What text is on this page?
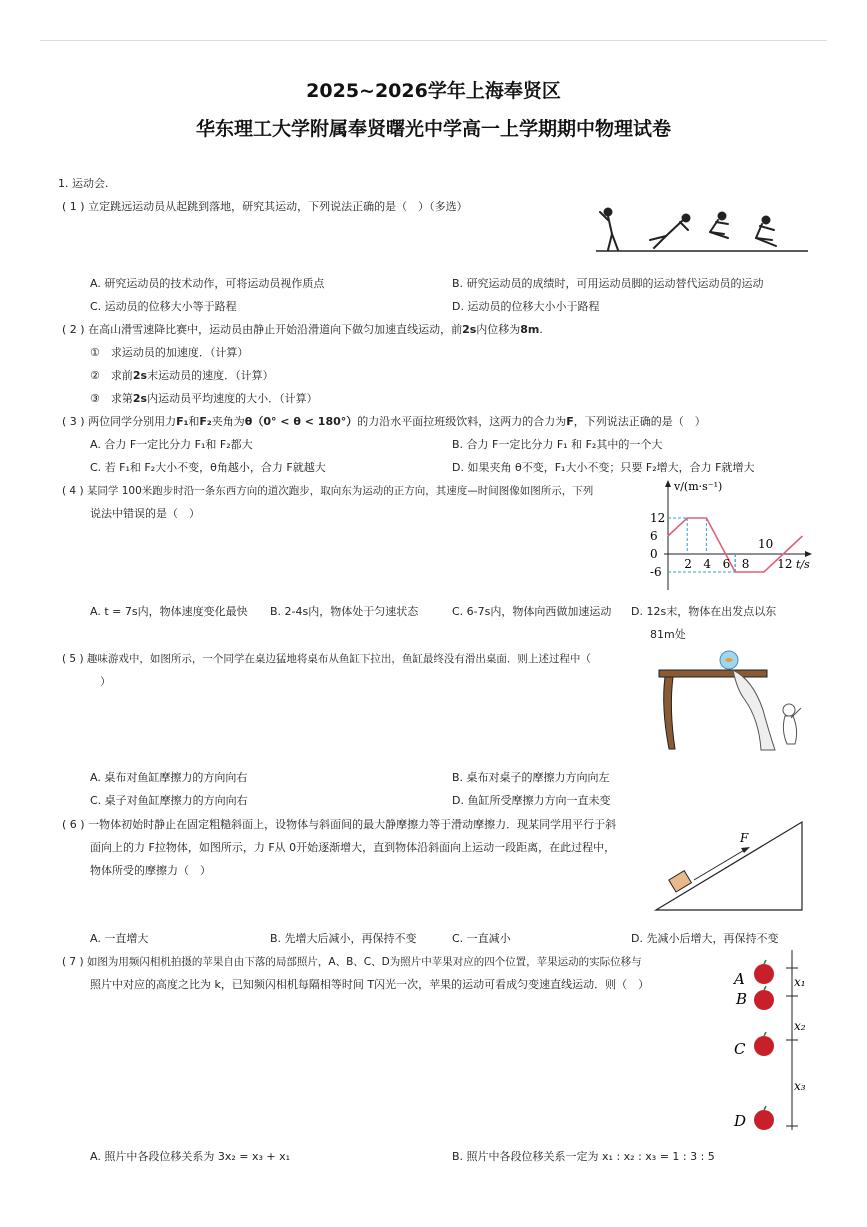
2025~2026学年上海奉贤区
华东理工大学附属奉贤曙光中学高一上学期期中物理试卷
1. 运动会.
( 1 ) 立定跳远运动员从起跳到落地，研究其运动，下列说法正确的是（　）（多选）
A. 研究运动员的技术动作，可将运动员视作质点	B. 研究运动员的成绩时，可用运动员脚的运动替代运动员的运动
C. 运动员的位移大小等于路程	D. 运动员的位移大小小于路程
( 2 ) 在高山滑雪速降比赛中，运动员由静止开始沿滑道向下做匀加速直线运动，前2s内位移为8m.
①　求运动员的加速度．（计算）
②　求前2s末运动员的速度．（计算）
③　求第2s内运动员平均速度的大小．（计算）
( 3 ) 两位同学分别用力F₁和F₂夹角为θ（0° < θ < 180°）的力沿水平面拉班级饮料，这两力的合力为F，下列说法正确的是（　）
A. 合力 F一定比分力 F₁和 F₂都大	B. 合力 F一定比分力 F₁ 和 F₂其中的一个大
C. 若 F₁和 F₂大小不变，θ角越小，合力 F就越大	D. 如果夹角 θ不变，F₁大小不变；只要 F₂增大，合力 F就增大
( 4 ) 某同学 100米跑步时沿一条东西方向的道次跑步，取向东为运动的正方向，其速度—时间图像如图所示，下列
说法中错误的是（　）
v/(m·s⁻¹)
t/s
2 4 6 8
10
12
12
6
0
-6
A. t = 7s内，物体速度变化最快 B. 2-4s内，物体处于匀速状态	C. 6-7s内，物体向西做加速运动 D. 12s末，物体在出发点以东
81m处
( 5 ) 趣味游戏中，如图所示，一个同学在桌边猛地将桌布从鱼缸下拉出，鱼缸最终没有滑出桌面．则上述过程中（
）
A. 桌布对鱼缸摩擦力的方向向右	B. 桌布对桌子的摩擦力方向向左
C. 桌子对鱼缸摩擦力的方向向右	D. 鱼缸所受摩擦力方向一直未变
( 6 ) 一物体初始时静止在固定粗糙斜面上，设物体与斜面间的最大静摩擦力等于滑动摩擦力．现某同学用平行于斜
面向上的力 F拉物体，如图所示，力 F从 0开始逐渐增大，直到物体沿斜面向上运动一段距离，在此过程中，
物体所受的摩擦力（　）
F
A. 一直增大	B. 先增大后减小，再保持不变	C. 一直减小	D. 先减小后增大，再保持不变
( 7 ) 如图为用频闪相机拍摄的苹果自由下落的局部照片，A、B、C、D为照片中苹果对应的四个位置，苹果运动的实际位移与
照片中对应的高度之比为 k，已知频闪相机每隔相等时间 T闪光一次，苹果的运动可看成匀变速直线运动．则（　）	A
B
C
D
x₁
x₂
x₃
A. 照片中各段位移关系为 3x₂ = x₃ + x₁	B. 照片中各段位移关系一定为 x₁ : x₂ : x₃ = 1 : 3 : 5
